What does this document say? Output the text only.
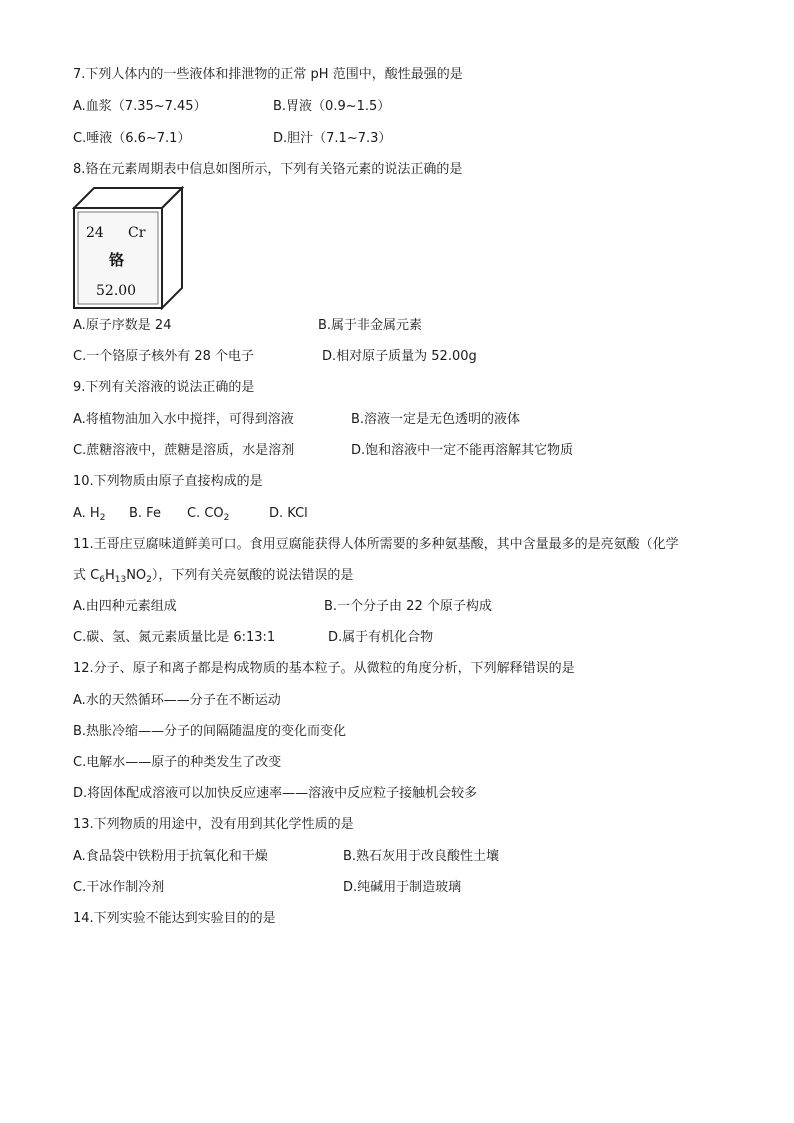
7.下列人体内的一些液体和排泄物的正常 pH 范围中，酸性最强的是
A.血浆（7.35~7.45）	B.胃液（0.9~1.5）
C.唾液（6.6~7.1）	D.胆汁（7.1~7.3）
8.铬在元素周期表中信息如图所示，下列有关铬元素的说法正确的是
24 Cr
铬
52.00
A.原子序数是 24	B.属于非金属元素
C.一个铬原子核外有 28 个电子	D.相对原子质量为 52.00g
9.下列有关溶液的说法正确的是
A.将植物油加入水中搅拌，可得到溶液	B.溶液一定是无色透明的液体
C.蔗糖溶液中，蔗糖是溶质，水是溶剂	D.饱和溶液中一定不能再溶解其它物质
10.下列物质由原子直接构成的是
A. $H_2$ B. Fe C. $CO_2$	D. KCl
11.王哥庄豆腐味道鲜美可口。食用豆腐能获得人体所需要的多种氨基酸，其中含量最多的是亮氨酸（化学
式 $C_6H_{13}NO_2$），下列有关亮氨酸的说法错误的是
A.由四种元素组成	B.一个分子由 22 个原子构成
C.碳、氢、氮元素质量比是 6:13:1	D.属于有机化合物
12.分子、原子和离子都是构成物质的基本粒子。从微粒的角度分析，下列解释错误的是
A.水的天然循环——分子在不断运动
B.热胀冷缩——分子的间隔随温度的变化而变化
C.电解水——原子的种类发生了改变
D.将固体配成溶液可以加快反应速率——溶液中反应粒子接触机会较多
13.下列物质的用途中，没有用到其化学性质的是
A.食品袋中铁粉用于抗氧化和干燥	B.熟石灰用于改良酸性土壤
C.干冰作制冷剂	D.纯碱用于制造玻璃
14.下列实验不能达到实验目的的是
